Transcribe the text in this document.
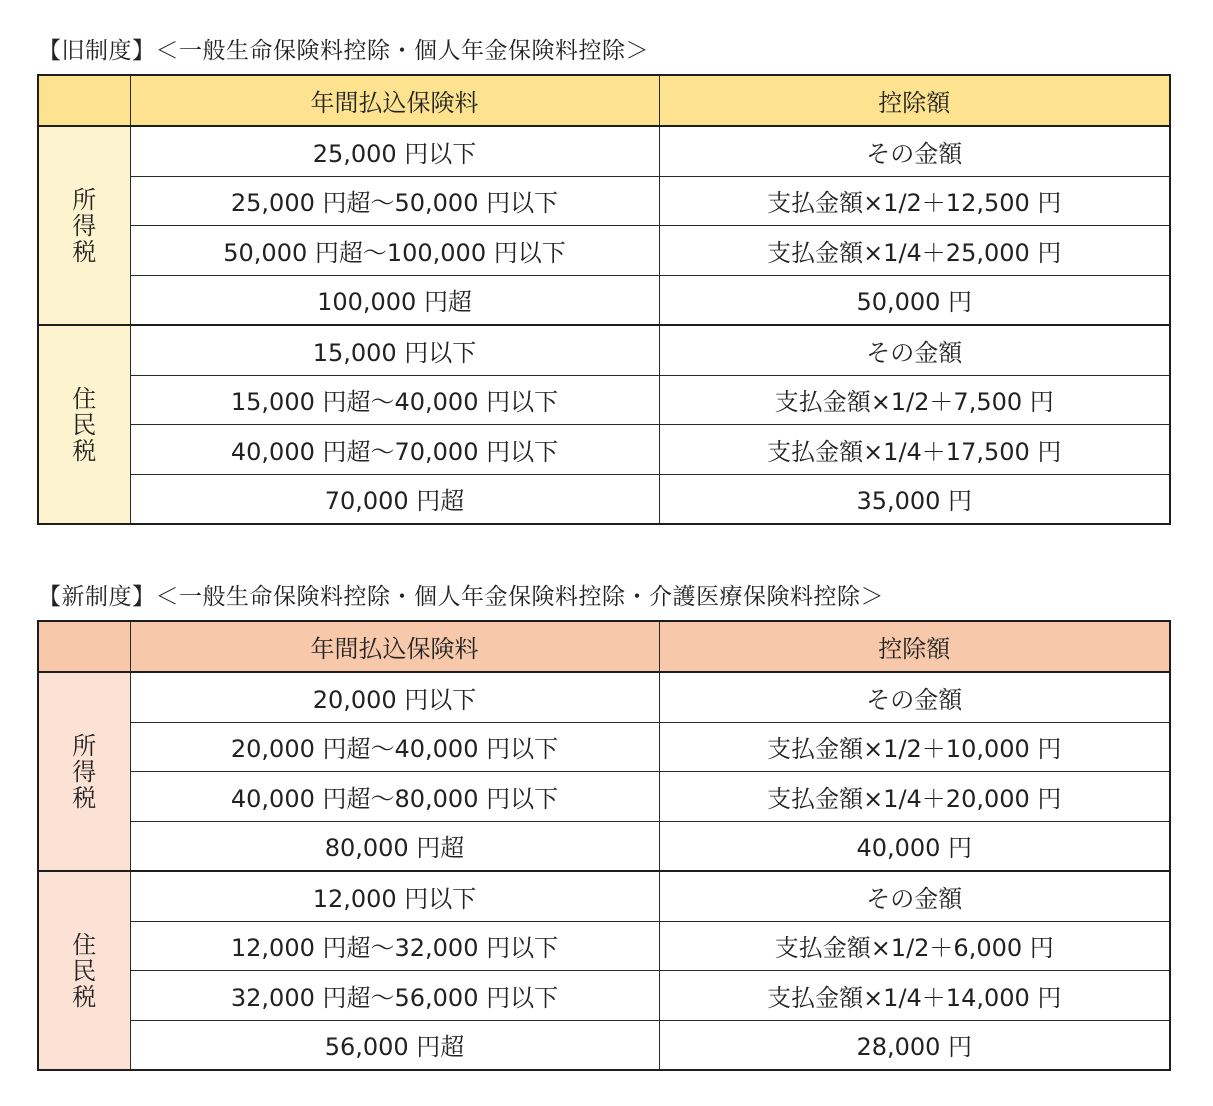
【旧制度】＜一般生命保険料控除・個人年金保険料控除＞
	年間払込保険料	控除額
所得税	25,000 円以下	その金額
	25,000 円超～50,000 円以下	支払金額×1/2＋12,500 円
	50,000 円超～100,000 円以下	支払金額×1/4＋25,000 円
	100,000 円超	50,000 円
住民税	15,000 円以下	その金額
	15,000 円超～40,000 円以下	支払金額×1/2＋7,500 円
	40,000 円超～70,000 円以下	支払金額×1/4＋17,500 円
	70,000 円超	35,000 円
【新制度】＜一般生命保険料控除・個人年金保険料控除・介護医療保険料控除＞
	年間払込保険料	控除額
所得税	20,000 円以下	その金額
	20,000 円超～40,000 円以下	支払金額×1/2＋10,000 円
	40,000 円超～80,000 円以下	支払金額×1/4＋20,000 円
	80,000 円超	40,000 円
住民税	12,000 円以下	その金額
	12,000 円超～32,000 円以下	支払金額×1/2＋6,000 円
	32,000 円超～56,000 円以下	支払金額×1/4＋14,000 円
	56,000 円超	28,000 円
